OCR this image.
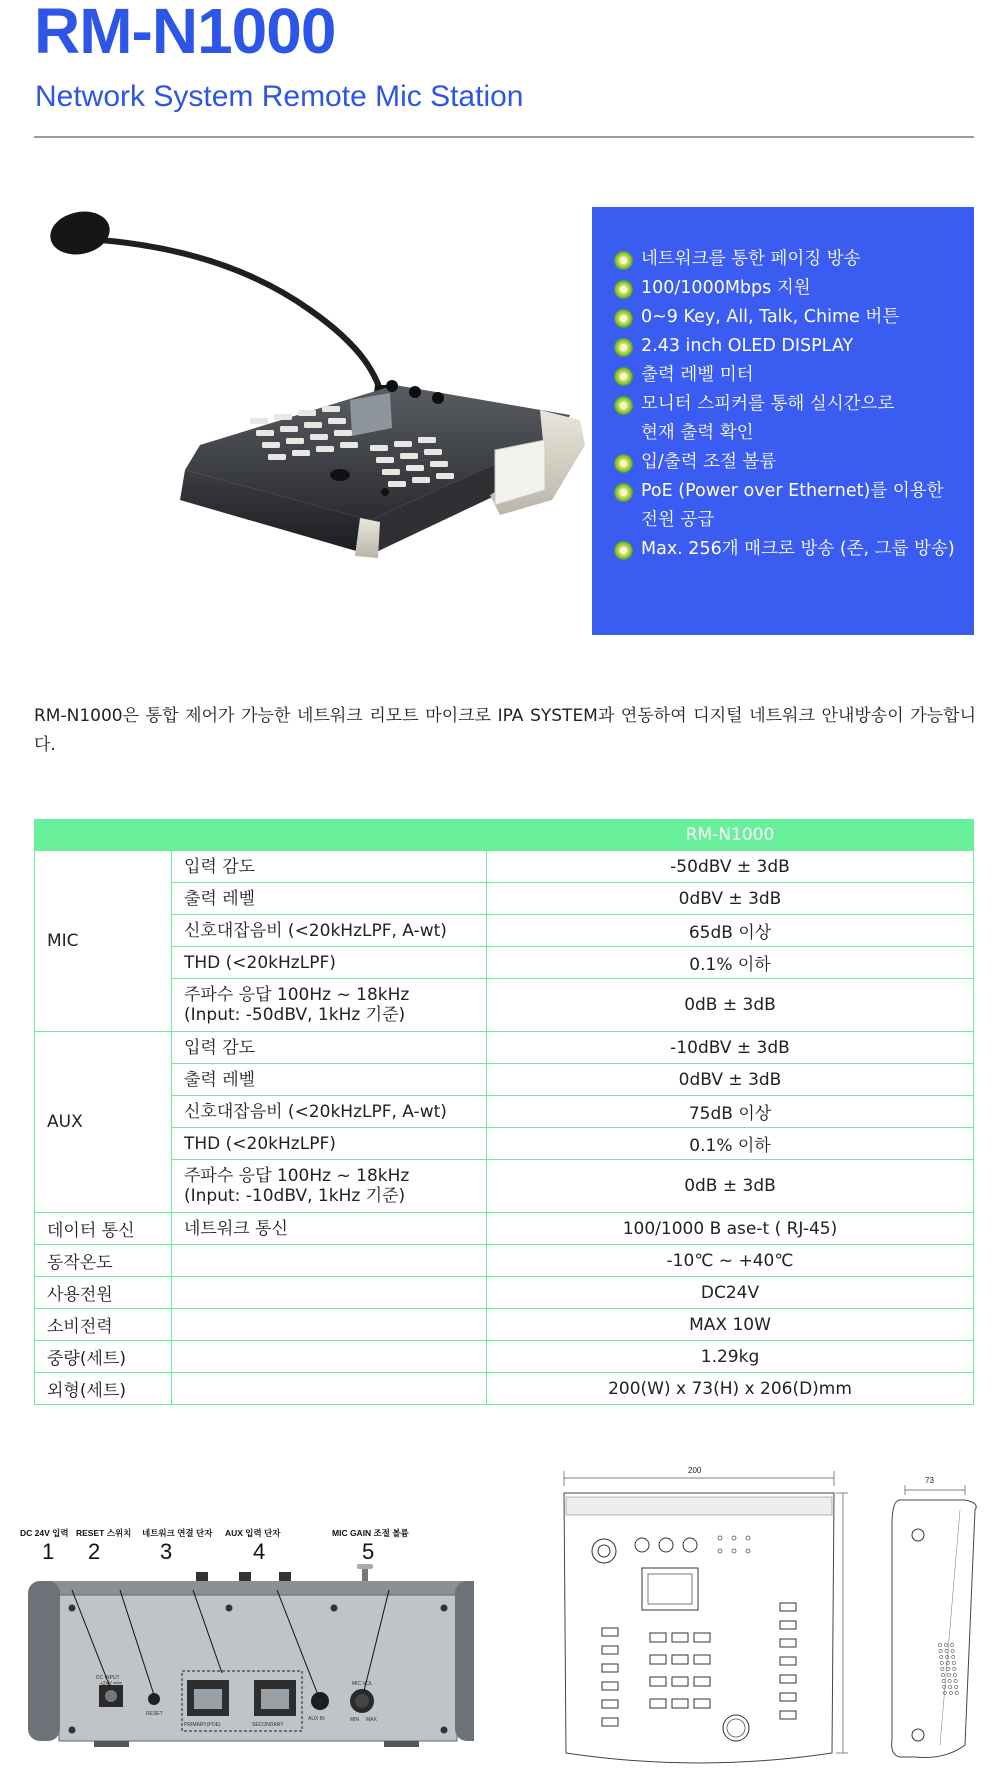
RM-N1000

Network System Remote Mic Station

네트워크를 통한 페이징 방송
100/1000Mbps 지원
0~9 Key, All, Talk, Chime 버튼
2.43 inch OLED DISPLAY
출력 레벨 미터
모니터 스피커를 통해 실시간으로
현재 출력 확인
입/출력 조절 볼륨
PoE (Power over Ethernet)를 이용한
전원 공급
Max. 256개 매크로 방송 (존, 그룹 방송)

RM-N1000은 통합 제어가 가능한 네트워크 리모트 마이크로 IPA SYSTEM과 연동하여 디지털 네트워크 안내방송이 가능합니다.

		RM-N1000
MIC	입력 감도	-50dBV ± 3dB

	출력 레벨	0dBV ± 3dB

	신호대잡음비 (<20kHzLPF, A-wt)	65dB 이상

	THD (<20kHzLPF)	0.1% 이하

	주파수 응답 100Hz ~ 18kHz
(Input: -50dBV, 1kHz 기준)	0dB ± 3dB
AUX	입력 감도	-10dBV ± 3dB

	출력 레벨	0dBV ± 3dB

	신호대잡음비 (<20kHzLPF, A-wt)	75dB 이상

	THD (<20kHzLPF)	0.1% 이하

	주파수 응답 100Hz ~ 18kHz
(Input: -10dBV, 1kHz 기준)	0dB ± 3dB
데이터 통신	네트워크 통신	100/1000 B ase-t ( RJ-45)
동작온도		-10℃ ~ +40℃
사용전원		DC24V
소비전력		MAX 10W
중량(세트)		1.29kg
외형(세트)		200(W) x 73(H) x 206(D)mm
DC 24V 입력
1
RESET 스위치
2
네트워크 연결 단자
3
AUX 입력 단자
4
MIC GAIN 조절 볼륨
5
DC INPUT
+24V ===
RESET
PRIMARY(POE)	SECONDARY
AUX IN
MIC VOL
MIN MAX
200
73
